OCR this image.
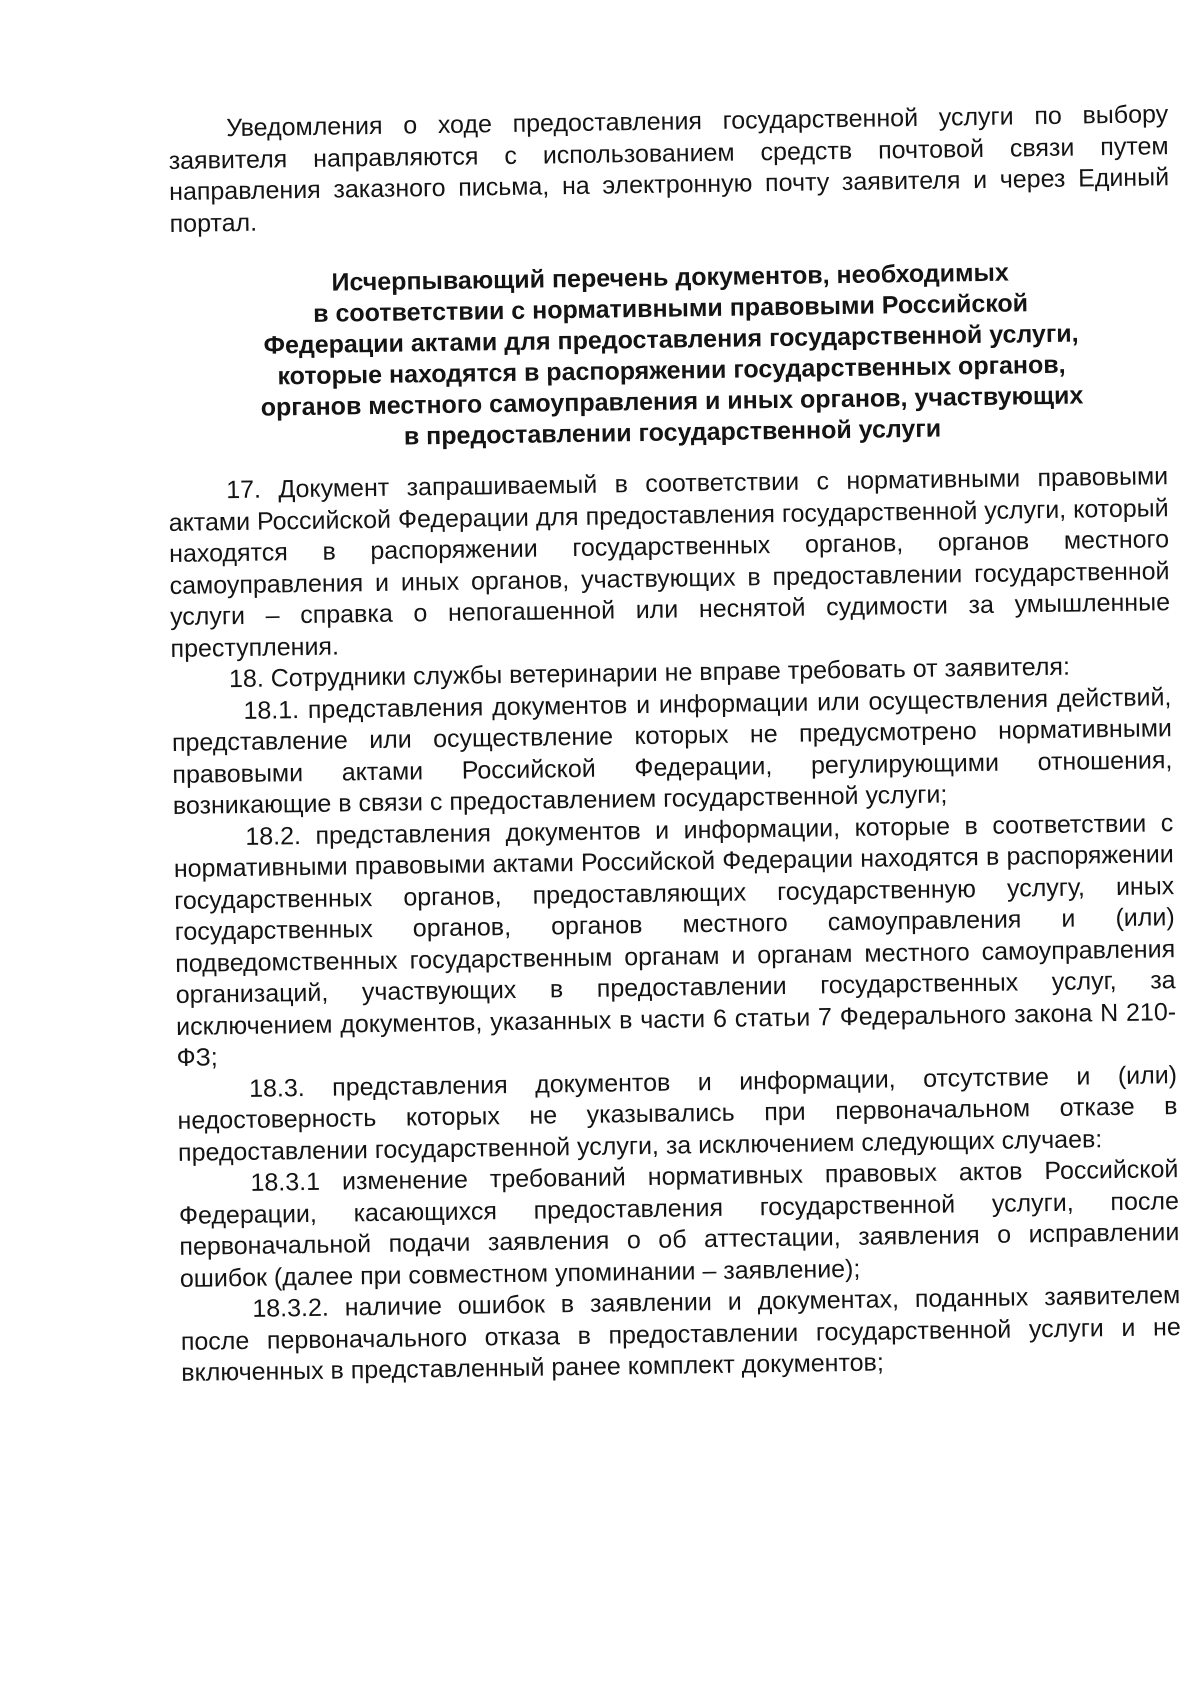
Уведомления о ходе предоставления государственной услуги по выбору заявителя направляются с использованием средств почтовой связи путем направления заказного письма, на электронную почту заявителя и через Единый портал.

Исчерпывающий перечень документов, необходимых
в соответствии с нормативными правовыми Российской
Федерации актами для предоставления государственной услуги,
которые находятся в распоряжении государственных органов,
органов местного самоуправления и иных органов, участвующих
в предоставлении государственной услуги

17. Документ запрашиваемый в соответствии с нормативными правовыми актами Российской Федерации для предоставления государственной услуги, который находятся в распоряжении государственных органов, органов местного самоуправления и иных органов, участвующих в предоставлении государственной услуги – справка о непогашенной или неснятой судимости за умышленные преступления.

18. Сотрудники службы ветеринарии не вправе требовать от заявителя:

18.1. представления документов и информации или осуществления действий, представление или осуществление которых не предусмотрено нормативными правовыми актами Российской Федерации, регулирующими отношения, возникающие в связи с предоставлением государственной услуги;

18.2. представления документов и информации, которые в соответствии с нормативными правовыми актами Российской Федерации находятся в распоряжении государственных органов, предоставляющих государственную услугу, иных государственных органов, органов местного самоуправления и (или) подведомственных государственным органам и органам местного самоуправления организаций, участвующих в предоставлении государственных услуг, за исключением документов, указанных в части 6 статьи 7 Федерального закона N 210-ФЗ;

18.3. представления документов и информации, отсутствие и (или) недостоверность которых не указывались при первоначальном отказе в предоставлении государственной услуги, за исключением следующих случаев:

18.3.1 изменение требований нормативных правовых актов Российской Федерации, касающихся предоставления государственной услуги, после первоначальной подачи заявления о об аттестации, заявления о исправлении ошибок (далее при совместном упоминании – заявление);

18.3.2. наличие ошибок в заявлении и документах, поданных заявителем после первоначального отказа в предоставлении государственной услуги и не включенных в представленный ранее комплект документов;
